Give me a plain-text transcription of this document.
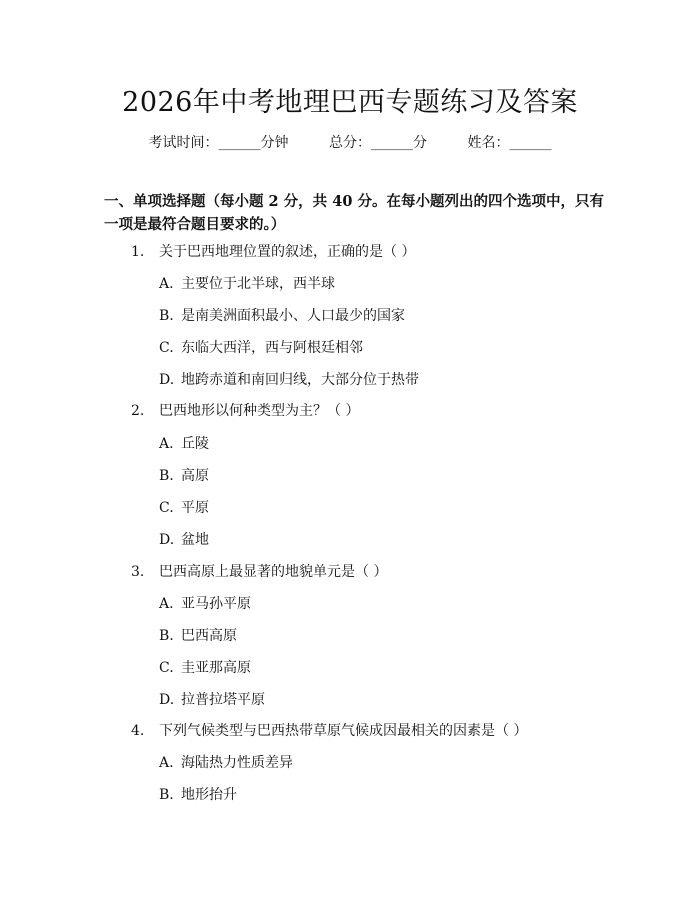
2026年中考地理巴西专题练习及答案
考试时间：______分钟	总分：______分	姓名：______
一、单项选择题（每小题 2 分，共 40 分。在每小题列出的四个选项中，只有一项是最符合题目要求的。）
1. 关于巴西地理位置的叙述，正确的是（ ）
A. 主要位于北半球，西半球
B. 是南美洲面积最小、人口最少的国家
C. 东临大西洋，西与阿根廷相邻
D. 地跨赤道和南回归线，大部分位于热带
2. 巴西地形以何种类型为主？（ ）
A. 丘陵
B. 高原
C. 平原
D. 盆地
3. 巴西高原上最显著的地貌单元是（ ）
A. 亚马孙平原
B. 巴西高原
C. 圭亚那高原
D. 拉普拉塔平原
4. 下列气候类型与巴西热带草原气候成因最相关的因素是（ ）
A. 海陆热力性质差异
B. 地形抬升
